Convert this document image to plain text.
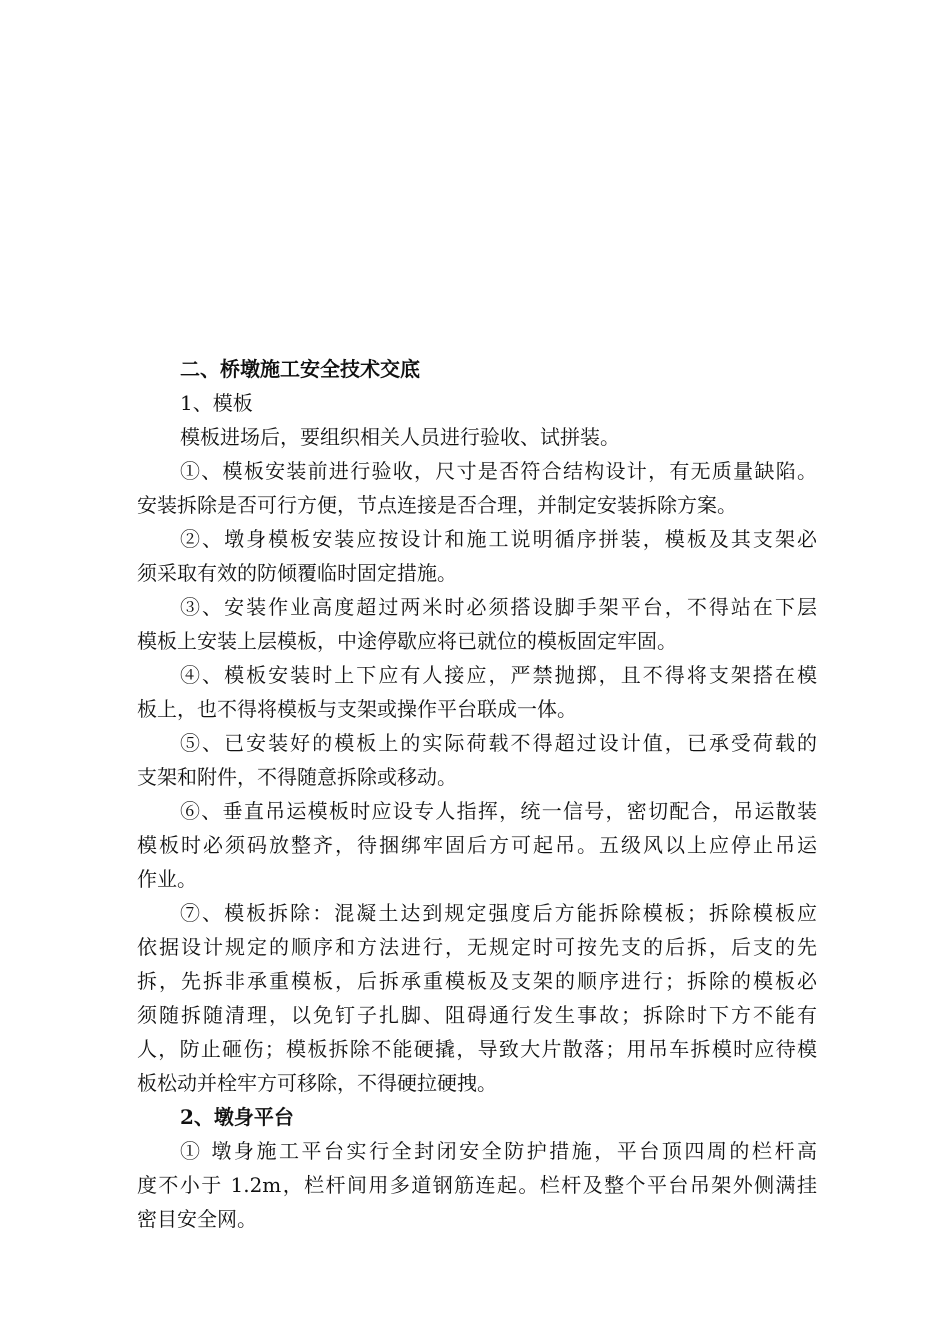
二、桥墩施工安全技术交底
1、模板
模板进场后，要组织相关人员进行验收、试拼装。
①、模板安装前进行验收，尺寸是否符合结构设计，有无质量缺陷。
安装拆除是否可行方便，节点连接是否合理，并制定安装拆除方案。
②、墩身模板安装应按设计和施工说明循序拼装，模板及其支架必
须采取有效的防倾覆临时固定措施。
③、安装作业高度超过两米时必须搭设脚手架平台，不得站在下层
模板上安装上层模板，中途停歇应将已就位的模板固定牢固。
④、模板安装时上下应有人接应，严禁抛掷，且不得将支架搭在模
板上，也不得将模板与支架或操作平台联成一体。
⑤、已安装好的模板上的实际荷载不得超过设计值，已承受荷载的
支架和附件，不得随意拆除或移动。
⑥、垂直吊运模板时应设专人指挥，统一信号，密切配合，吊运散装
模板时必须码放整齐，待捆绑牢固后方可起吊。五级风以上应停止吊运
作业。
⑦、模板拆除：混凝土达到规定强度后方能拆除模板；拆除模板应
依据设计规定的顺序和方法进行，无规定时可按先支的后拆，后支的先
拆，先拆非承重模板，后拆承重模板及支架的顺序进行；拆除的模板必
须随拆随清理，以免钉子扎脚、阻碍通行发生事故；拆除时下方不能有
人，防止砸伤；模板拆除不能硬撬，导致大片散落；用吊车拆模时应待模
板松动并栓牢方可移除，不得硬拉硬拽。
2、墩身平台
① 墩身施工平台实行全封闭安全防护措施，平台顶四周的栏杆高
度不小于 1.2m，栏杆间用多道钢筋连起。栏杆及整个平台吊架外侧满挂
密目安全网。
